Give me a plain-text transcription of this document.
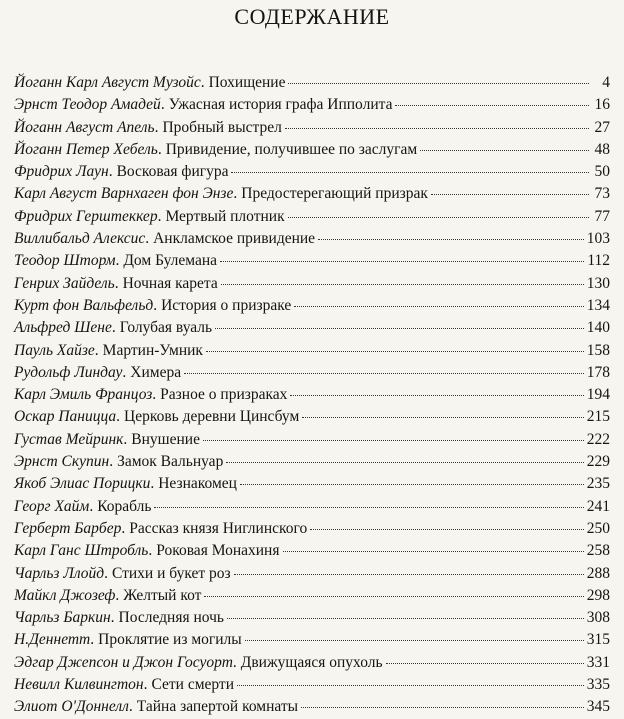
СОДЕРЖАНИЕ
Йоганн Карл Август Музойс . Похищение	4
Эрнст Теодор Амадей . Ужасная история графа Ипполита	16
Йоганн Август Апель . Пробный выстрел	27
Йоганн Петер Хебель . Привидение, получившее по заслугам	48
Фридрих Лаун . Восковая фигура	50
Карл Август Варнхаген фон Энзе . Предостерегающий призрак	73
Фридрих Герштеккер . Мертвый плотник	77
Виллибальд Алексис . Анкламское привидение	103
Теодор Шторм . Дом Булемана	112
Генрих Зайдель . Ночная карета	130
Курт фон Вальфельд . История о призраке	134
Альфред Шене . Голубая вуаль	140
Пауль Хайзе . Мартин-Умник	158
Рудольф Линдау . Химера	178
Карл Эмиль Францоз . Разное о призраках	194
Оскар Паницца . Церковь деревни Цинсбум	215
Густав Мейринк . Внушение	222
Эрнст Скупин . Замок Вальнуар	229
Якоб Элиас Порицки . Незнакомец	235
Георг Хайм . Корабль	241
Герберт Барбер . Рассказ князя Ниглинского	250
Карл Ганс Штробль . Роковая Монахиня	258
Чарльз Ллойд . Стихи и букет роз	288
Майкл Джозеф . Желтый кот	298
Чарльз Баркин . Последняя ночь	308
Н.Деннетт . Проклятие из могилы	315
Эдгар Джепсон и Джон Госуорт . Движущаяся опухоль	331
Невилл Килвингтон . Сети смерти	335
Элиот О'Доннелл . Тайна запертой комнаты	345
